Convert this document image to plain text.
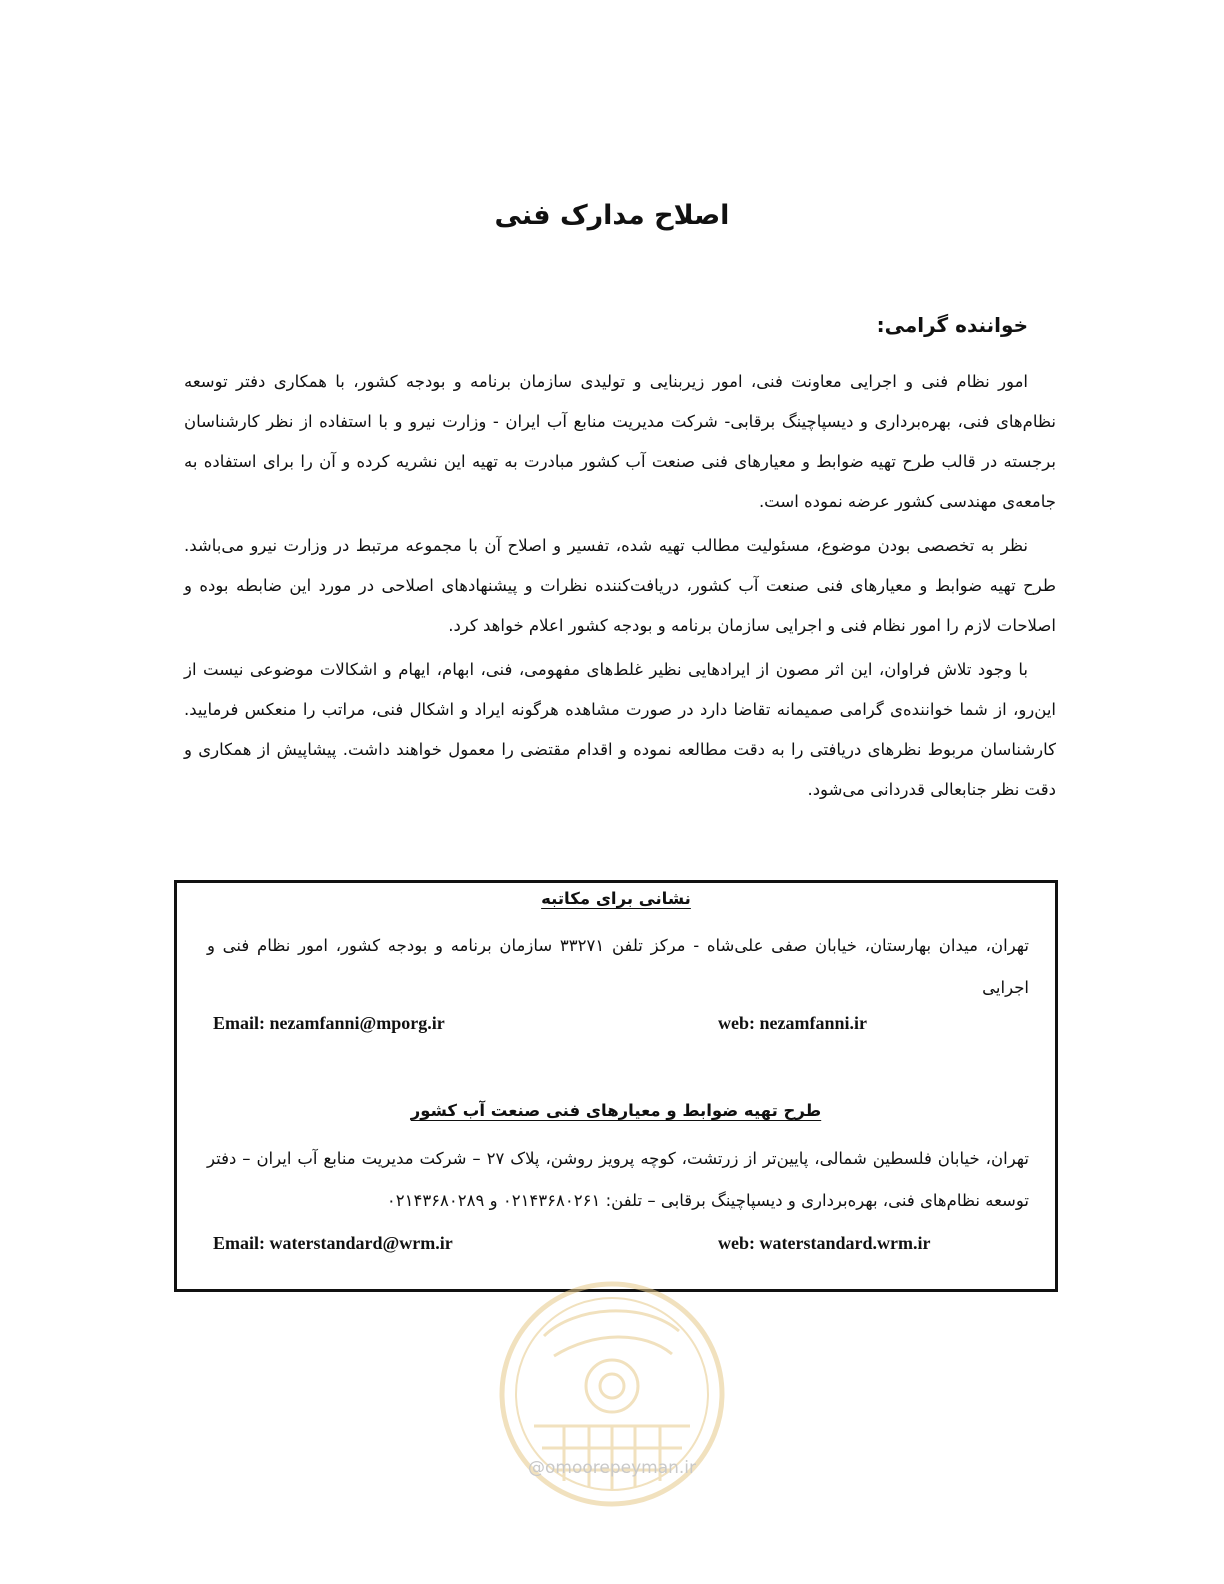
اصلاح مدارک فنی
خواننده گرامی:

امور نظام فنی و اجرایی معاونت فنی، امور زیربنایی و تولیدی سازمان برنامه و بودجه کشور، با همکاری دفتر توسعه نظام‌های فنی، بهره‌برداری و دیسپاچینگ برقابی- شرکت مدیریت منابع آب ایران - وزارت نیرو و با استفاده از نظر کارشناسان برجسته در قالب طرح تهیه ضوابط و معیارهای فنی صنعت آب کشور مبادرت به تهیه این نشریه کرده و آن را برای استفاده به جامعه‌ی مهندسی کشور عرضه نموده است.

نظر به تخصصی بودن موضوع، مسئولیت مطالب تهیه شده، تفسیر و اصلاح آن با مجموعه مرتبط در وزارت نیرو می‌باشد. طرح تهیه ضوابط و معیارهای فنی صنعت آب کشور، دریافت‌کننده نظرات و پیشنهادهای اصلاحی در مورد این ضابطه بوده و اصلاحات لازم را امور نظام فنی و اجرایی سازمان برنامه و بودجه کشور اعلام خواهد کرد.

با وجود تلاش فراوان، این اثر مصون از ایرادهایی نظیر غلط‌های مفهومی، فنی، ابهام، ایهام و اشکالات موضوعی نیست از این‌رو، از شما خواننده‌ی گرامی صمیمانه تقاضا دارد در صورت مشاهده هرگونه ایراد و اشکال فنی، مراتب را منعکس فرمایید. کارشناسان مربوط نظرهای دریافتی را به دقت مطالعه نموده و اقدام مقتضی را معمول خواهند داشت. پیشاپیش از همکاری و دقت نظر جنابعالی قدردانی می‌شود.

نشانی برای مکاتبه
تهران، میدان بهارستان، خیابان صفی علی‌شاه - مرکز تلفن ۳۳۲۷۱ سازمان برنامه و بودجه کشور، امور نظام فنی و اجرایی
Email: nezamfanni@mporg.ir	web: nezamfanni.ir
طرح تهیه ضوابط و معیارهای فنی صنعت آب کشور
تهران، خیابان فلسطین شمالی، پایین‌تر از زرتشت، کوچه پرویز روشن، پلاک ۲۷ – شرکت مدیریت منابع آب ایران – دفتر توسعه نظام‌های فنی، بهره‌برداری و دیسپاچینگ برقابی – تلفن: ۰۲۱۴۳۶۸۰۲۶۱ و ۰۲۱۴۳۶۸۰۲۸۹
Email: waterstandard@wrm.ir	web: waterstandard.wrm.ir
@omoorepeyman.ir
